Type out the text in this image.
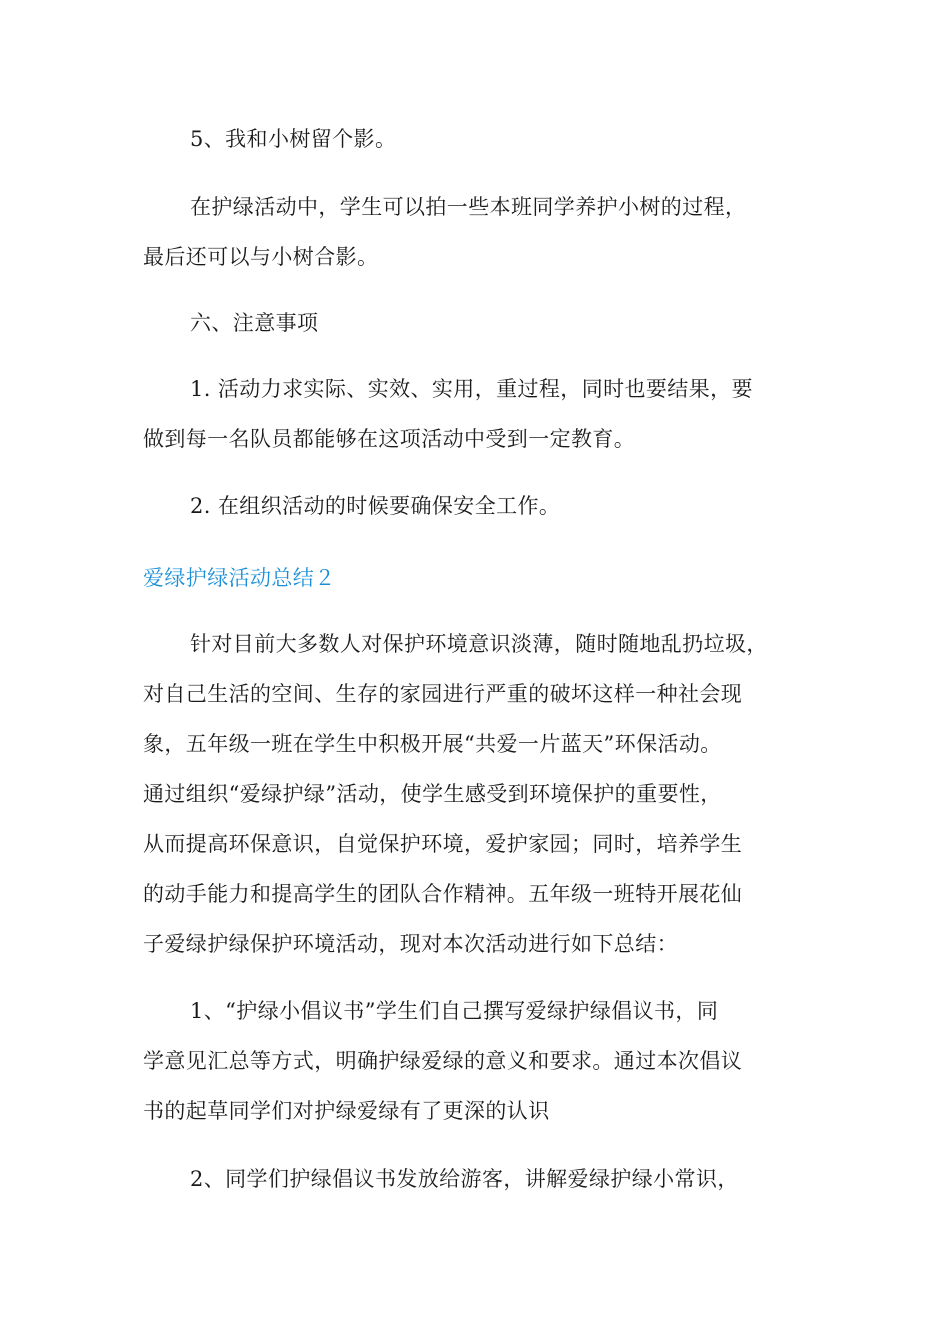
5、我和小树留个影。
在护绿活动中，学生可以拍一些本班同学养护小树的过程，
最后还可以与小树合影。
六、注意事项
1. 活动力求实际、实效、实用，重过程，同时也要结果，要
做到每一名队员都能够在这项活动中受到一定教育。
2. 在组织活动的时候要确保安全工作。
爱绿护绿活动总结２
针对目前大多数人对保护环境意识淡薄，随时随地乱扔垃圾，
对自己生活的空间、生存的家园进行严重的破坏这样一种社会现
象，五年级一班在学生中积极开展“共爱一片蓝天”环保活动。
通过组织“爱绿护绿”活动，使学生感受到环境保护的重要性，
从而提高环保意识，自觉保护环境，爱护家园；同时，培养学生
的动手能力和提高学生的团队合作精神。五年级一班特开展花仙
子爱绿护绿保护环境活动，现对本次活动进行如下总结：
1、“护绿小倡议书”学生们自己撰写爱绿护绿倡议书，同
学意见汇总等方式，明确护绿爱绿的意义和要求。通过本次倡议
书的起草同学们对护绿爱绿有了更深的认识
2、同学们护绿倡议书发放给游客，讲解爱绿护绿小常识，
